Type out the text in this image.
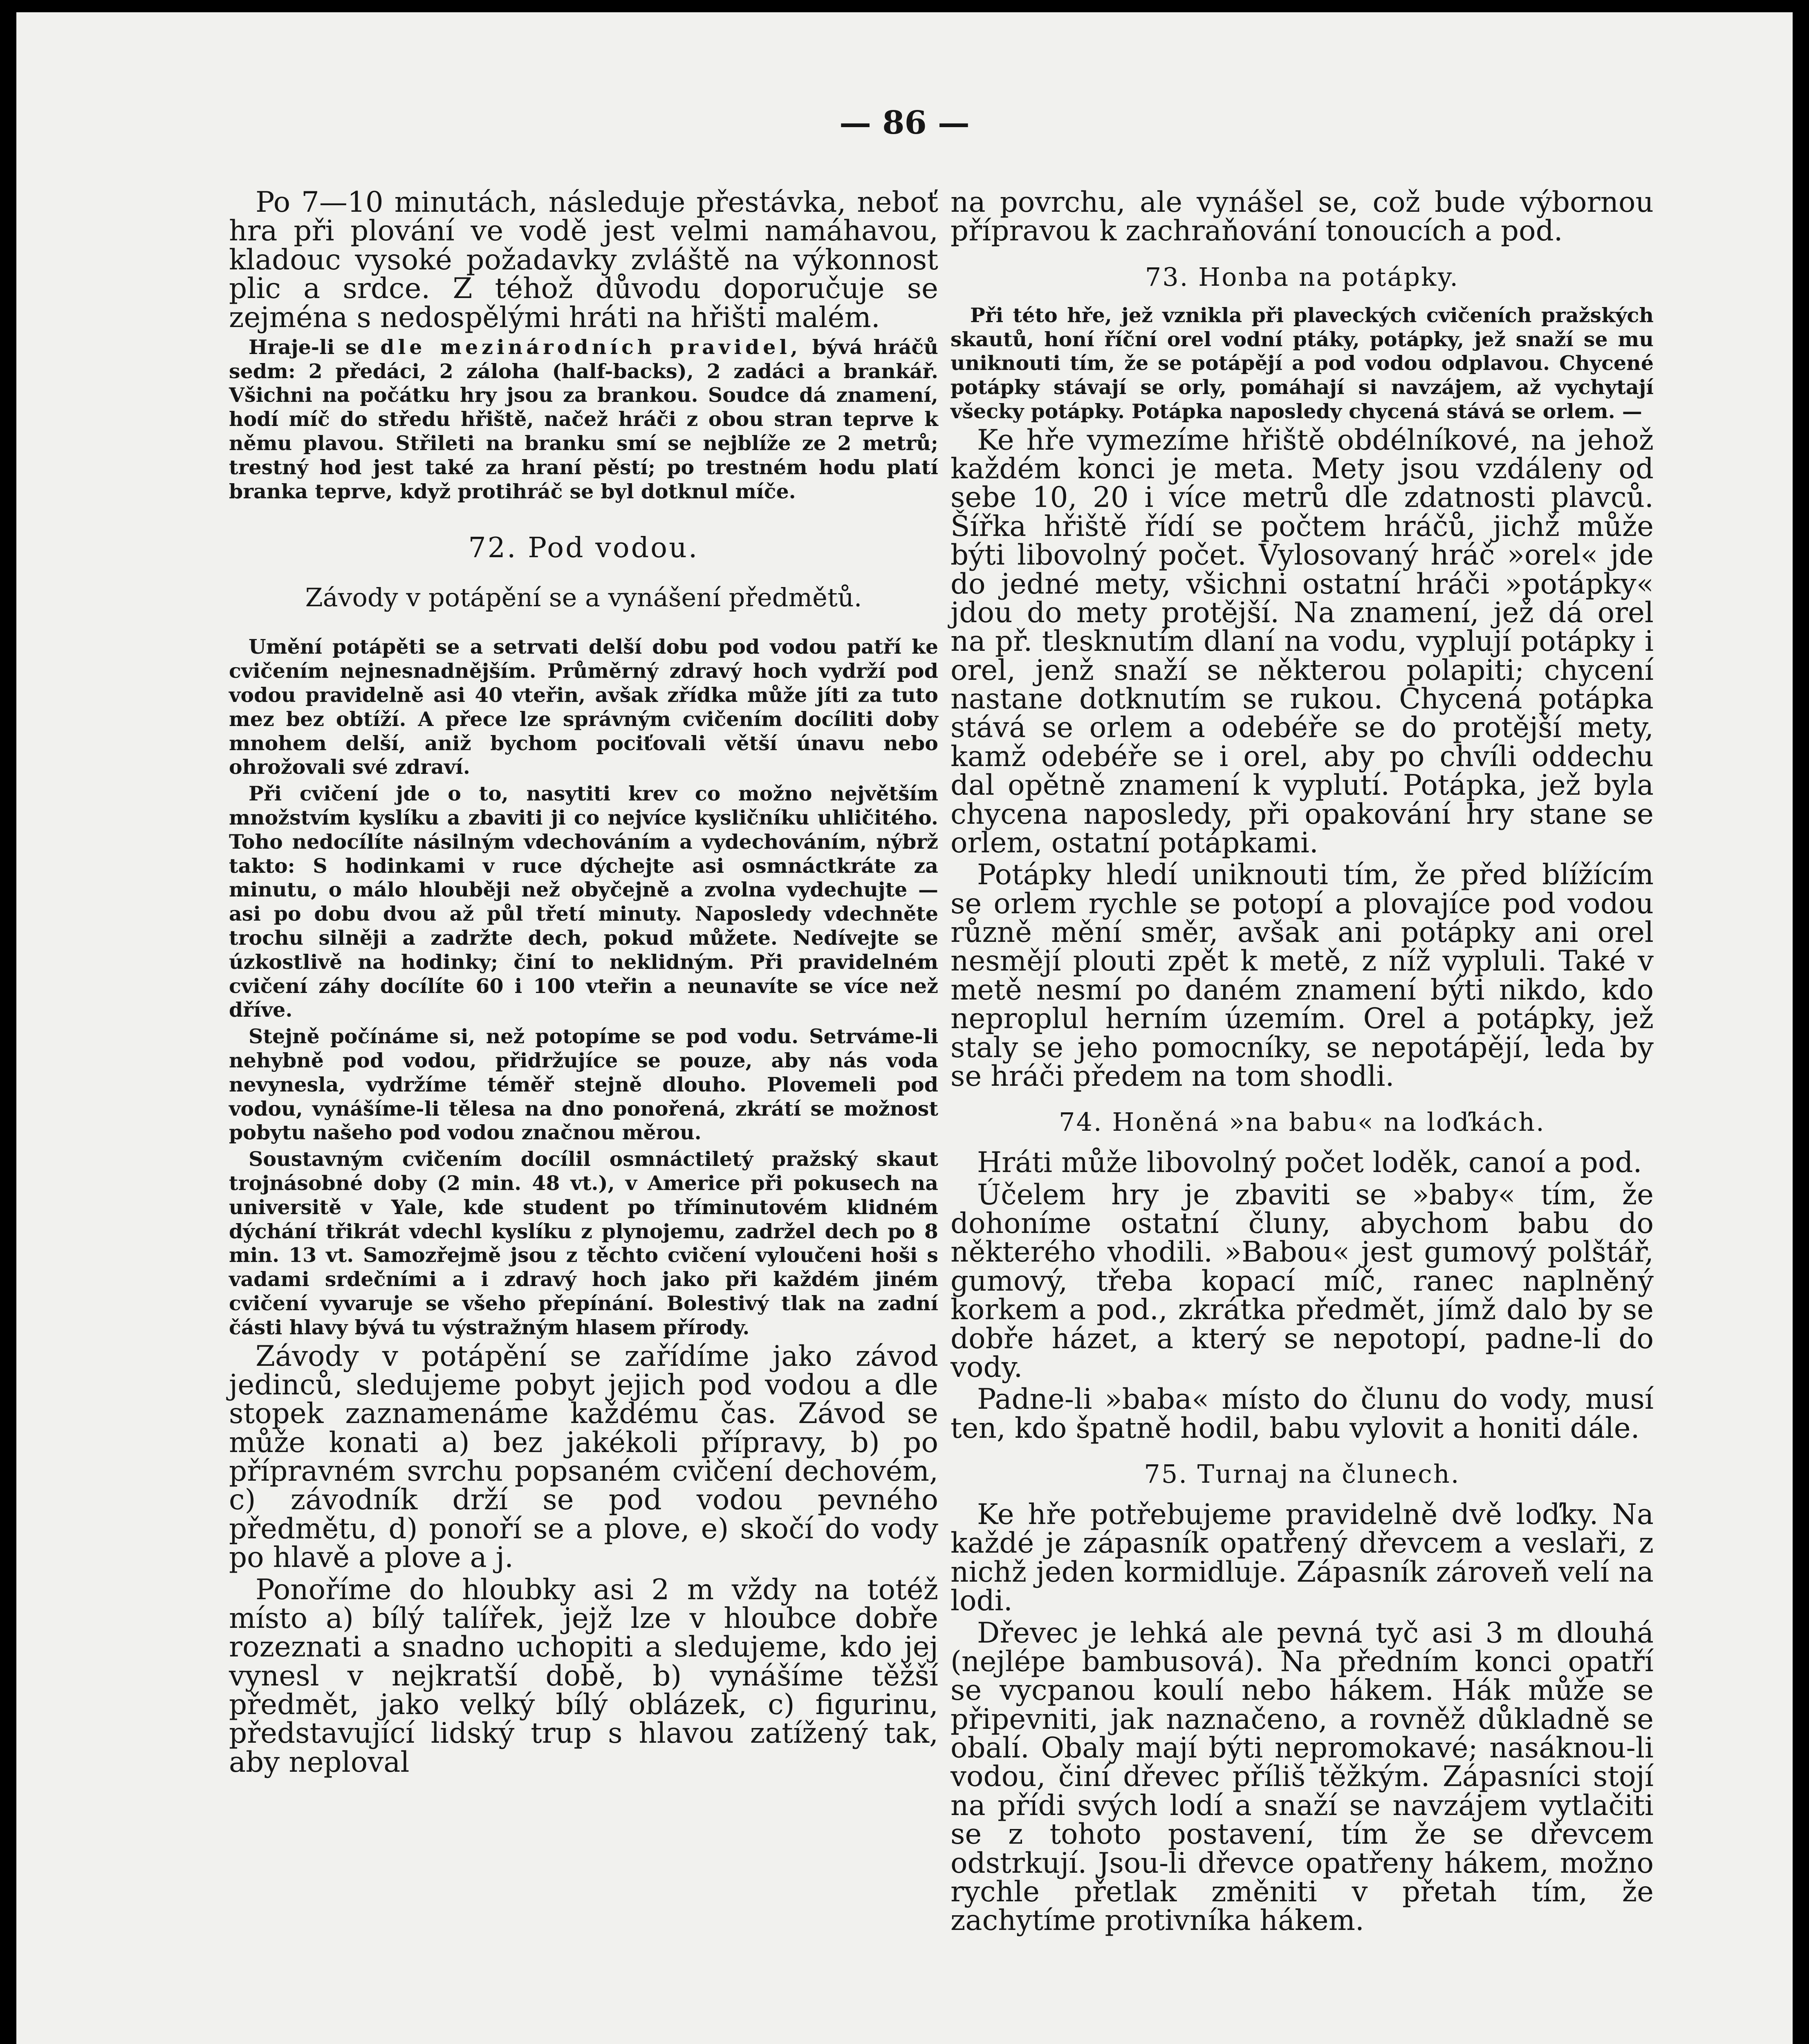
— 86 —

Po 7—10 minutách, následuje přestávka, neboť hra při plování ve vodě jest velmi namáhavou, kladouc vysoké požadavky zvláště na výkonnost plic a srdce. Z téhož důvodu doporučuje se zejména s nedospělými hráti na hřišti malém.

Hraje-li se dle mezinárodních pravidel, bývá hráčů sedm: 2 předáci, 2 záloha (half-backs), 2 zadáci a brankář. Všichni na počátku hry jsou za brankou. Soudce dá znamení, hodí míč do středu hřiště, načež hráči z obou stran teprve k němu plavou. Střileti na branku smí se nejblíže ze 2 metrů; trestný hod jest také za hraní pěstí; po trestném hodu platí branka teprve, když protihráč se byl dotknul míče.

72. Pod vodou.
Závody v potápění se a vynášení předmětů.

Umění potápěti se a setrvati delší dobu pod vodou patří ke cvičením nejnesnadnějším. Průměrný zdravý hoch vydrží pod vodou pravidelně asi 40 vteřin, avšak zřídka může jíti za tuto mez bez obtíží. A přece lze správným cvičením docíliti doby mnohem delší, aniž bychom pociťovali větší únavu nebo ohrožovali své zdraví.

Při cvičení jde o to, nasytiti krev co možno největším množstvím kyslíku a zbaviti ji co nejvíce kysličníku uhličitého. Toho nedocílíte násilným vdechováním a vydechováním, nýbrž takto: S hodinkami v ruce dýchejte asi osmnáctkráte za minutu, o málo hlouběji než obyčejně a zvolna vydechujte — asi po dobu dvou až půl třetí minuty. Naposledy vdechněte trochu silněji a zadržte dech, pokud můžete. Nedívejte se úzkostlivě na hodinky; činí to neklidným. Při pravidelném cvičení záhy docílíte 60 i 100 vteřin a neunavíte se více než dříve.

Stejně počínáme si, než potopíme se pod vodu. Setrváme-li nehybně pod vodou, přidržujíce se pouze, aby nás voda nevynesla, vydržíme téměř stejně dlouho. Plovemeli pod vodou, vynášíme-li tělesa na dno ponořená, zkrátí se možnost pobytu našeho pod vodou značnou měrou.

Soustavným cvičením docílil osmnáctiletý pražský skaut trojnásobné doby (2 min. 48 vt.), v Americe při pokusech na universitě v Yale, kde student po tříminutovém klidném dýchání třikrát vdechl kyslíku z plynojemu, zadržel dech po 8 min. 13 vt. Samozřejmě jsou z těchto cvičení vyloučeni hoši s vadami srdečními a i zdravý hoch jako při každém jiném cvičení vyvaruje se všeho přepínání. Bolestivý tlak na zadní části hlavy bývá tu výstražným hlasem přírody.

Závody v potápění se zařídíme jako závod jedinců, sledujeme pobyt jejich pod vodou a dle stopek zaznamenáme každému čas. Závod se může konati a) bez jakékoli přípravy, b) po přípravném svrchu popsaném cvičení dechovém, c) závodník drží se pod vodou pevného předmětu, d) ponoří se a plove, e) skočí do vody po hlavě a plove a j.

Ponoříme do hloubky asi 2 m vždy na totéž místo a) bílý talířek, jejž lze v hloubce dobře rozeznati a snadno uchopiti a sledujeme, kdo jej vynesl v nejkratší době, b) vynášíme těžší předmět, jako velký bílý oblázek, c) figurinu, představující lidský trup s hlavou zatížený tak, aby neploval

na povrchu, ale vynášel se, což bude výbornou přípravou k zachraňování tonoucích a pod.

73. Honba na potápky.

Při této hře, jež vznikla při plaveckých cvičeních pražských skautů, honí říční orel vodní ptáky, potápky, jež snaží se mu uniknouti tím, že se potápějí a pod vodou odplavou. Chycené potápky stávají se orly, pomáhají si navzájem, až vychytají všecky potápky. Potápka naposledy chycená stává se orlem. —

Ke hře vymezíme hřiště obdélníkové, na jehož každém konci je meta. Mety jsou vzdáleny od sebe 10, 20 i více metrů dle zdatnosti plavců. Šířka hřiště řídí se počtem hráčů, jichž může býti libovolný počet. Vylosovaný hráč »orel« jde do jedné mety, všichni ostatní hráči »potápky« jdou do mety protější. Na znamení, jež dá orel na př. tlesknutím dlaní na vodu, vyplují potápky i orel, jenž snaží se některou polapiti; chycení nastane dotknutím se rukou. Chycená potápka stává se orlem a odebéře se do protější mety, kamž odebéře se i orel, aby po chvíli oddechu dal opětně znamení k vyplutí. Potápka, jež byla chycena naposledy, při opakování hry stane se orlem, ostatní potápkami.

Potápky hledí uniknouti tím, že před blížícím se orlem rychle se potopí a plovajíce pod vodou různě mění směr, avšak ani potápky ani orel nesmějí plouti zpět k metě, z níž vypluli. Také v metě nesmí po daném znamení býti nikdo, kdo neproplul herním územím. Orel a potápky, jež staly se jeho pomocníky, se nepotápějí, leda by se hráči předem na tom shodli.

74. Honěná »na babu« na loďkách.

Hráti může libovolný počet loděk, canoí a pod.

Účelem hry je zbaviti se »baby« tím, že dohoníme ostatní čluny, abychom babu do některého vhodili. »Babou« jest gumový polštář, gumový, třeba kopací míč, ranec naplněný korkem a pod., zkrátka předmět, jímž dalo by se dobře házet, a který se nepotopí, padne-li do vody.

Padne-li »baba« místo do člunu do vody, musí ten, kdo špatně hodil, babu vylovit a honiti dále.

75. Turnaj na člunech.

Ke hře potřebujeme pravidelně dvě loďky. Na každé je zápasník opatřený dřevcem a veslaři, z nichž jeden kormidluje. Zápasník zároveň velí na lodi.

Dřevec je lehká ale pevná tyč asi 3 m dlouhá (nejlépe bambusová). Na předním konci opatří se vycpanou koulí nebo hákem. Hák může se připevniti, jak naznačeno, a rovněž důkladně se obalí. Obaly mají býti nepromokavé; nasáknou-li vodou, činí dřevec příliš těžkým. Zápasníci stojí na přídi svých lodí a snaží se navzájem vytlačiti se z tohoto postavení, tím že se dřevcem odstrkují. Jsou-li dřevce opatřeny hákem, možno rychle přetlak změniti v přetah tím, že zachytíme protivníka hákem.
